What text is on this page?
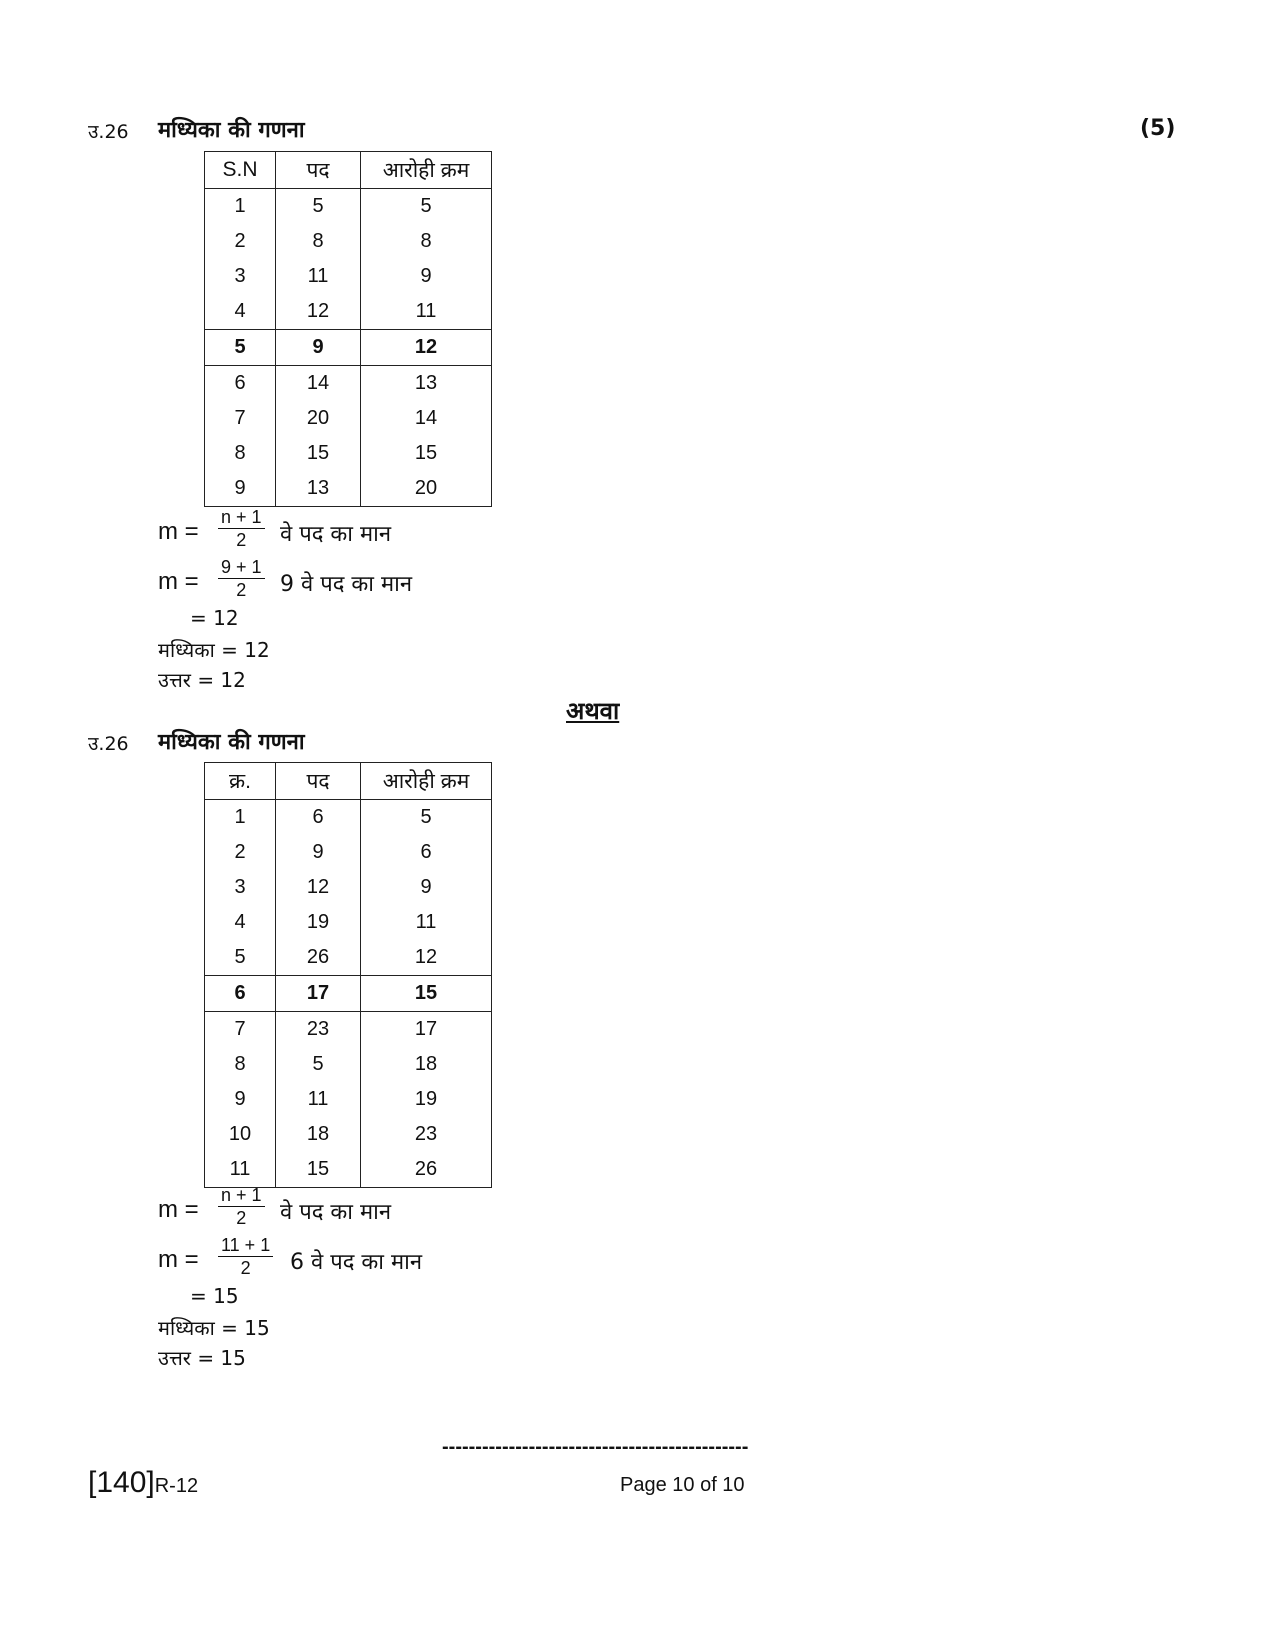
उ.26 मध्यिका की गणना	(5)
S.N	पद	आरोही क्रम
1	5	5
2	8	8
3	11	9
4	12	11
5	9	12
6	14	13
7	20	14
8	15	15
9	13	20
$m = \frac{n + 1}{2}$ वे पद का मान
$m = \frac{9 + 1}{2} 9$ वे पद का मान
= 12
मध्यिका = 12
उत्तर = 12
अथवा
उ.26 मध्यिका की गणना
क्र.	पद	आरोही क्रम
1	6	5
2	9	6
3	12	9
4	19	11
5	26	12
6	17	15
7	23	17
8	5	18
9	11	19
10	18	23
11	15	26
$m = \frac{n + 1}{2}$ वे पद का मान
$m = \frac{11 + 1}{2} 6$ वे पद का मान
= 15
मध्यिका = 15
उत्तर = 15
----------------------------------------------
[140]R-12	Page 10 of 10
